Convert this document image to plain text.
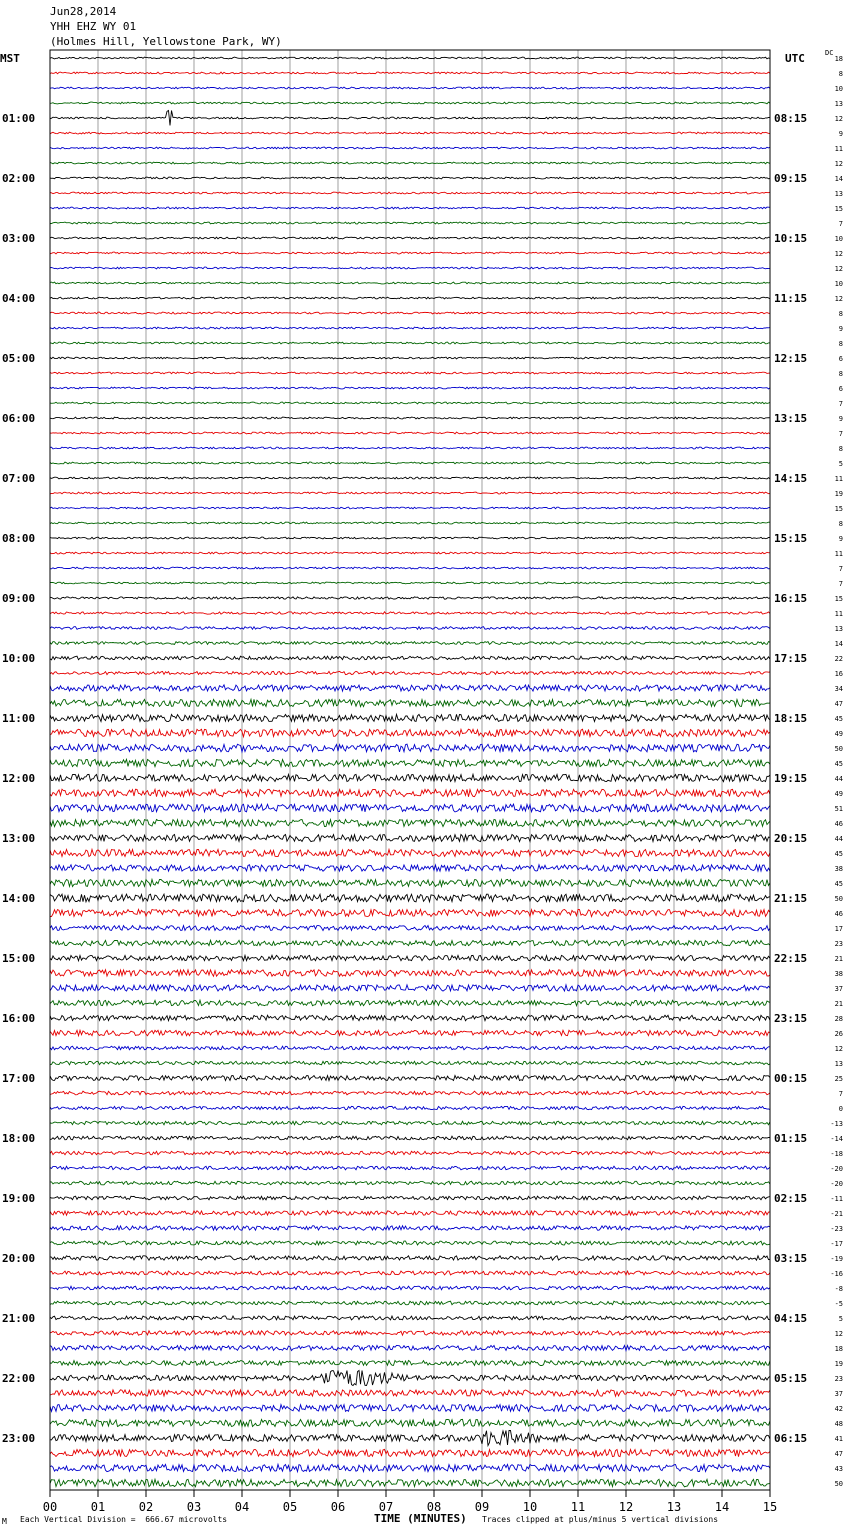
Jun28,2014
YHH EHZ WY 01
(Holmes Hill, Yellowstone Park, WY)
MST	UTC	DC
00	01	02	03	04	05	06	07	08	09	10	11	12	13	14	15
18
8
10
13
12
9
11
12
14
13
15
7
10
12
12
10
12
8
9
8
6
8
6
7
9
7
8
5
11
19
15
8
9
11
7
7
15
11
13
14
22
16
34
47
45
49
50
45
44
49
51
46
44
45
38
45
50
46
17
23
21
38
37
21
28
26
12
13
25
7
0
-13
-14
-18
-20
-20
-11
-21
-23
-17
-19
-16
-8
-5
5
12
18
19
23
37
42
48
41
47
43
50
01:00	08:15
02:00	09:15
03:00	10:15
04:00	11:15
05:00	12:15
06:00	13:15
07:00	14:15
08:00	15:15
09:00	16:15
10:00	17:15
11:00	18:15
12:00	19:15
13:00	20:15
14:00	21:15
15:00	22:15
16:00	23:15
17:00	00:15
18:00	01:15
19:00	02:15
20:00	03:15
21:00	04:15
22:00	05:15
23:00	06:15
TIME (MINUTES)
M Each Vertical Division =  666.67 microvolts	Traces clipped at plus/minus 5 vertical divisions
